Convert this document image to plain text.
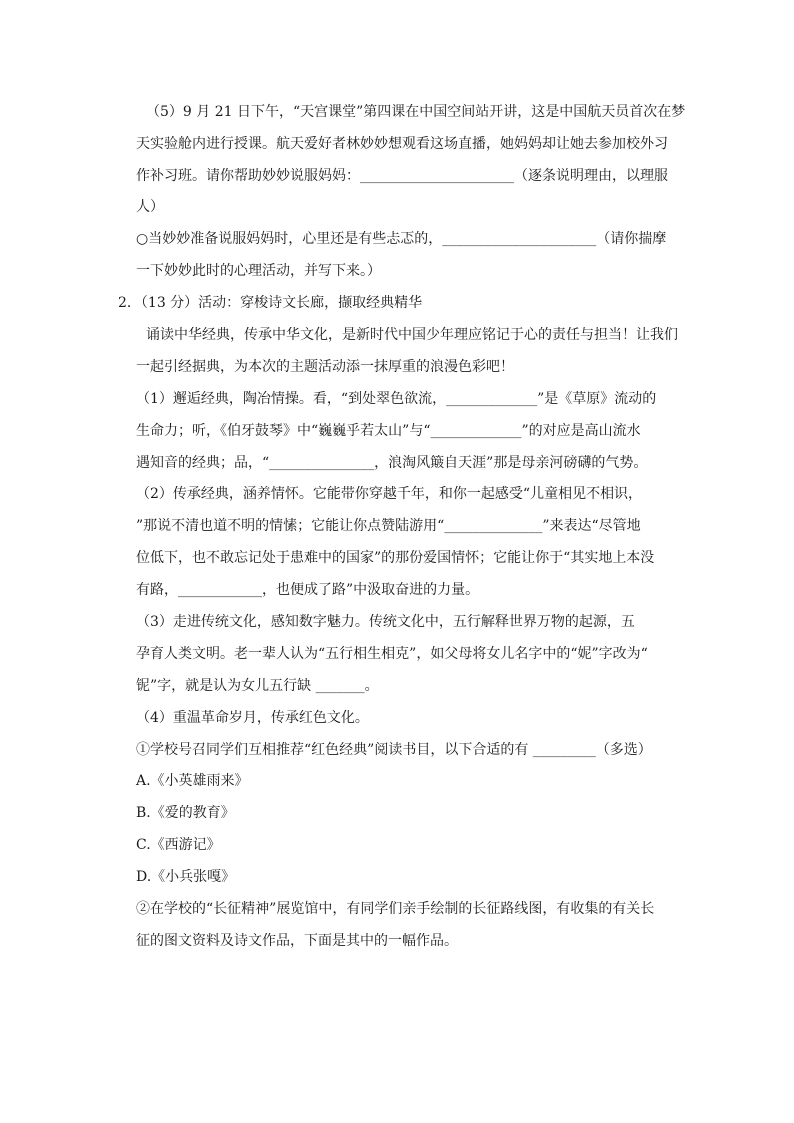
（5）9 月 21 日下午，“天宫课堂”第四课在中国空间站开讲，这是中国航天员首次在梦
天实验舱内进行授课。航天爱好者林妙妙想观看这场直播，她妈妈却让她去参加校外习
作补习班。请你帮助妙妙说服妈妈：______________________（逐条说明理由，以理服
人）
○当妙妙准备说服妈妈时，心里还是有些忐忑的，______________________（请你揣摩
一下妙妙此时的心理活动，并写下来。）
2．（13 分）活动：穿梭诗文长廊，撷取经典精华
诵读中华经典，传承中华文化，是新时代中国少年理应铭记于心的责任与担当！让我们
一起引经据典，为本次的主题活动添一抹厚重的浪漫色彩吧！
（1）邂逅经典，陶冶情操。看，“到处翠色欲流，_____________”是《草原》流动的
生命力；听，《伯牙鼓琴》中“巍巍乎若太山”与“_____________”的对应是高山流水
遇知音的经典；品，“_______________，浪淘风簸自天涯”那是母亲河磅礴的气势。
（2）传承经典，涵养情怀。它能带你穿越千年，和你一起感受“儿童相见不相识，
”那说不清也道不明的情愫；它能让你点赞陆游用“______________”来表达“尽管地
位低下，也不敢忘记处于患难中的国家”的那份爱国情怀；它能让你于“其实地上本没
有路，____________，也便成了路”中汲取奋进的力量。
（3）走进传统文化，感知数字魅力。传统文化中，五行解释世界万物的起源，五
孕育人类文明。老一辈人认为“五行相生相克”，如父母将女儿名字中的“妮”字改为“
铌”字，就是认为女儿五行缺 _______。
（4）重温革命岁月，传承红色文化。
①学校号召同学们互相推荐“红色经典”阅读书目，以下合适的有 _________（多选）
A.《小英雄雨来》
B.《爱的教育》
C.《西游记》
D.《小兵张嘎》
②在学校的“长征精神”展览馆中，有同学们亲手绘制的长征路线图，有收集的有关长
征的图文资料及诗文作品，下面是其中的一幅作品。
